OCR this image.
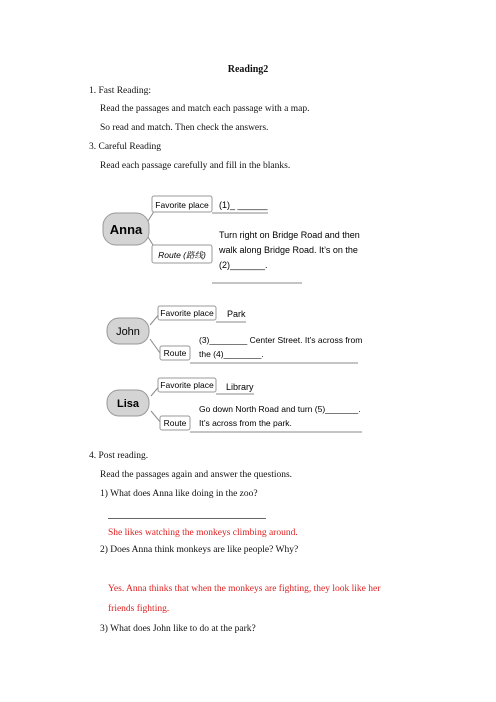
Reading2
1. Fast Reading:
Read the passages and match each passage with a map.
So read and match. Then check the answers.
3. Careful Reading
Read each passage carefully and fill in the blanks.
Anna
Favorite place (1)_ ______
Route (路线)
Turn right on Bridge Road and then
walk along Bridge Road. It’s on the
(2)_______.
John
Favorite place Park
Route
(3)________ Center Street. It’s across from
the (4)________.
Lisa
Favorite place Library
Route
Go down North Road and turn (5)_______.
It’s across from the park.
4. Post reading.
Read the passages again and answer the questions.
1) What does Anna like doing in the zoo?
She likes watching the monkeys climbing around.
2) Does Anna think monkeys are like people? Why?
Yes. Anna thinks that when the monkeys are fighting, they look like her
friends fighting.
3) What does John like to do at the park?
